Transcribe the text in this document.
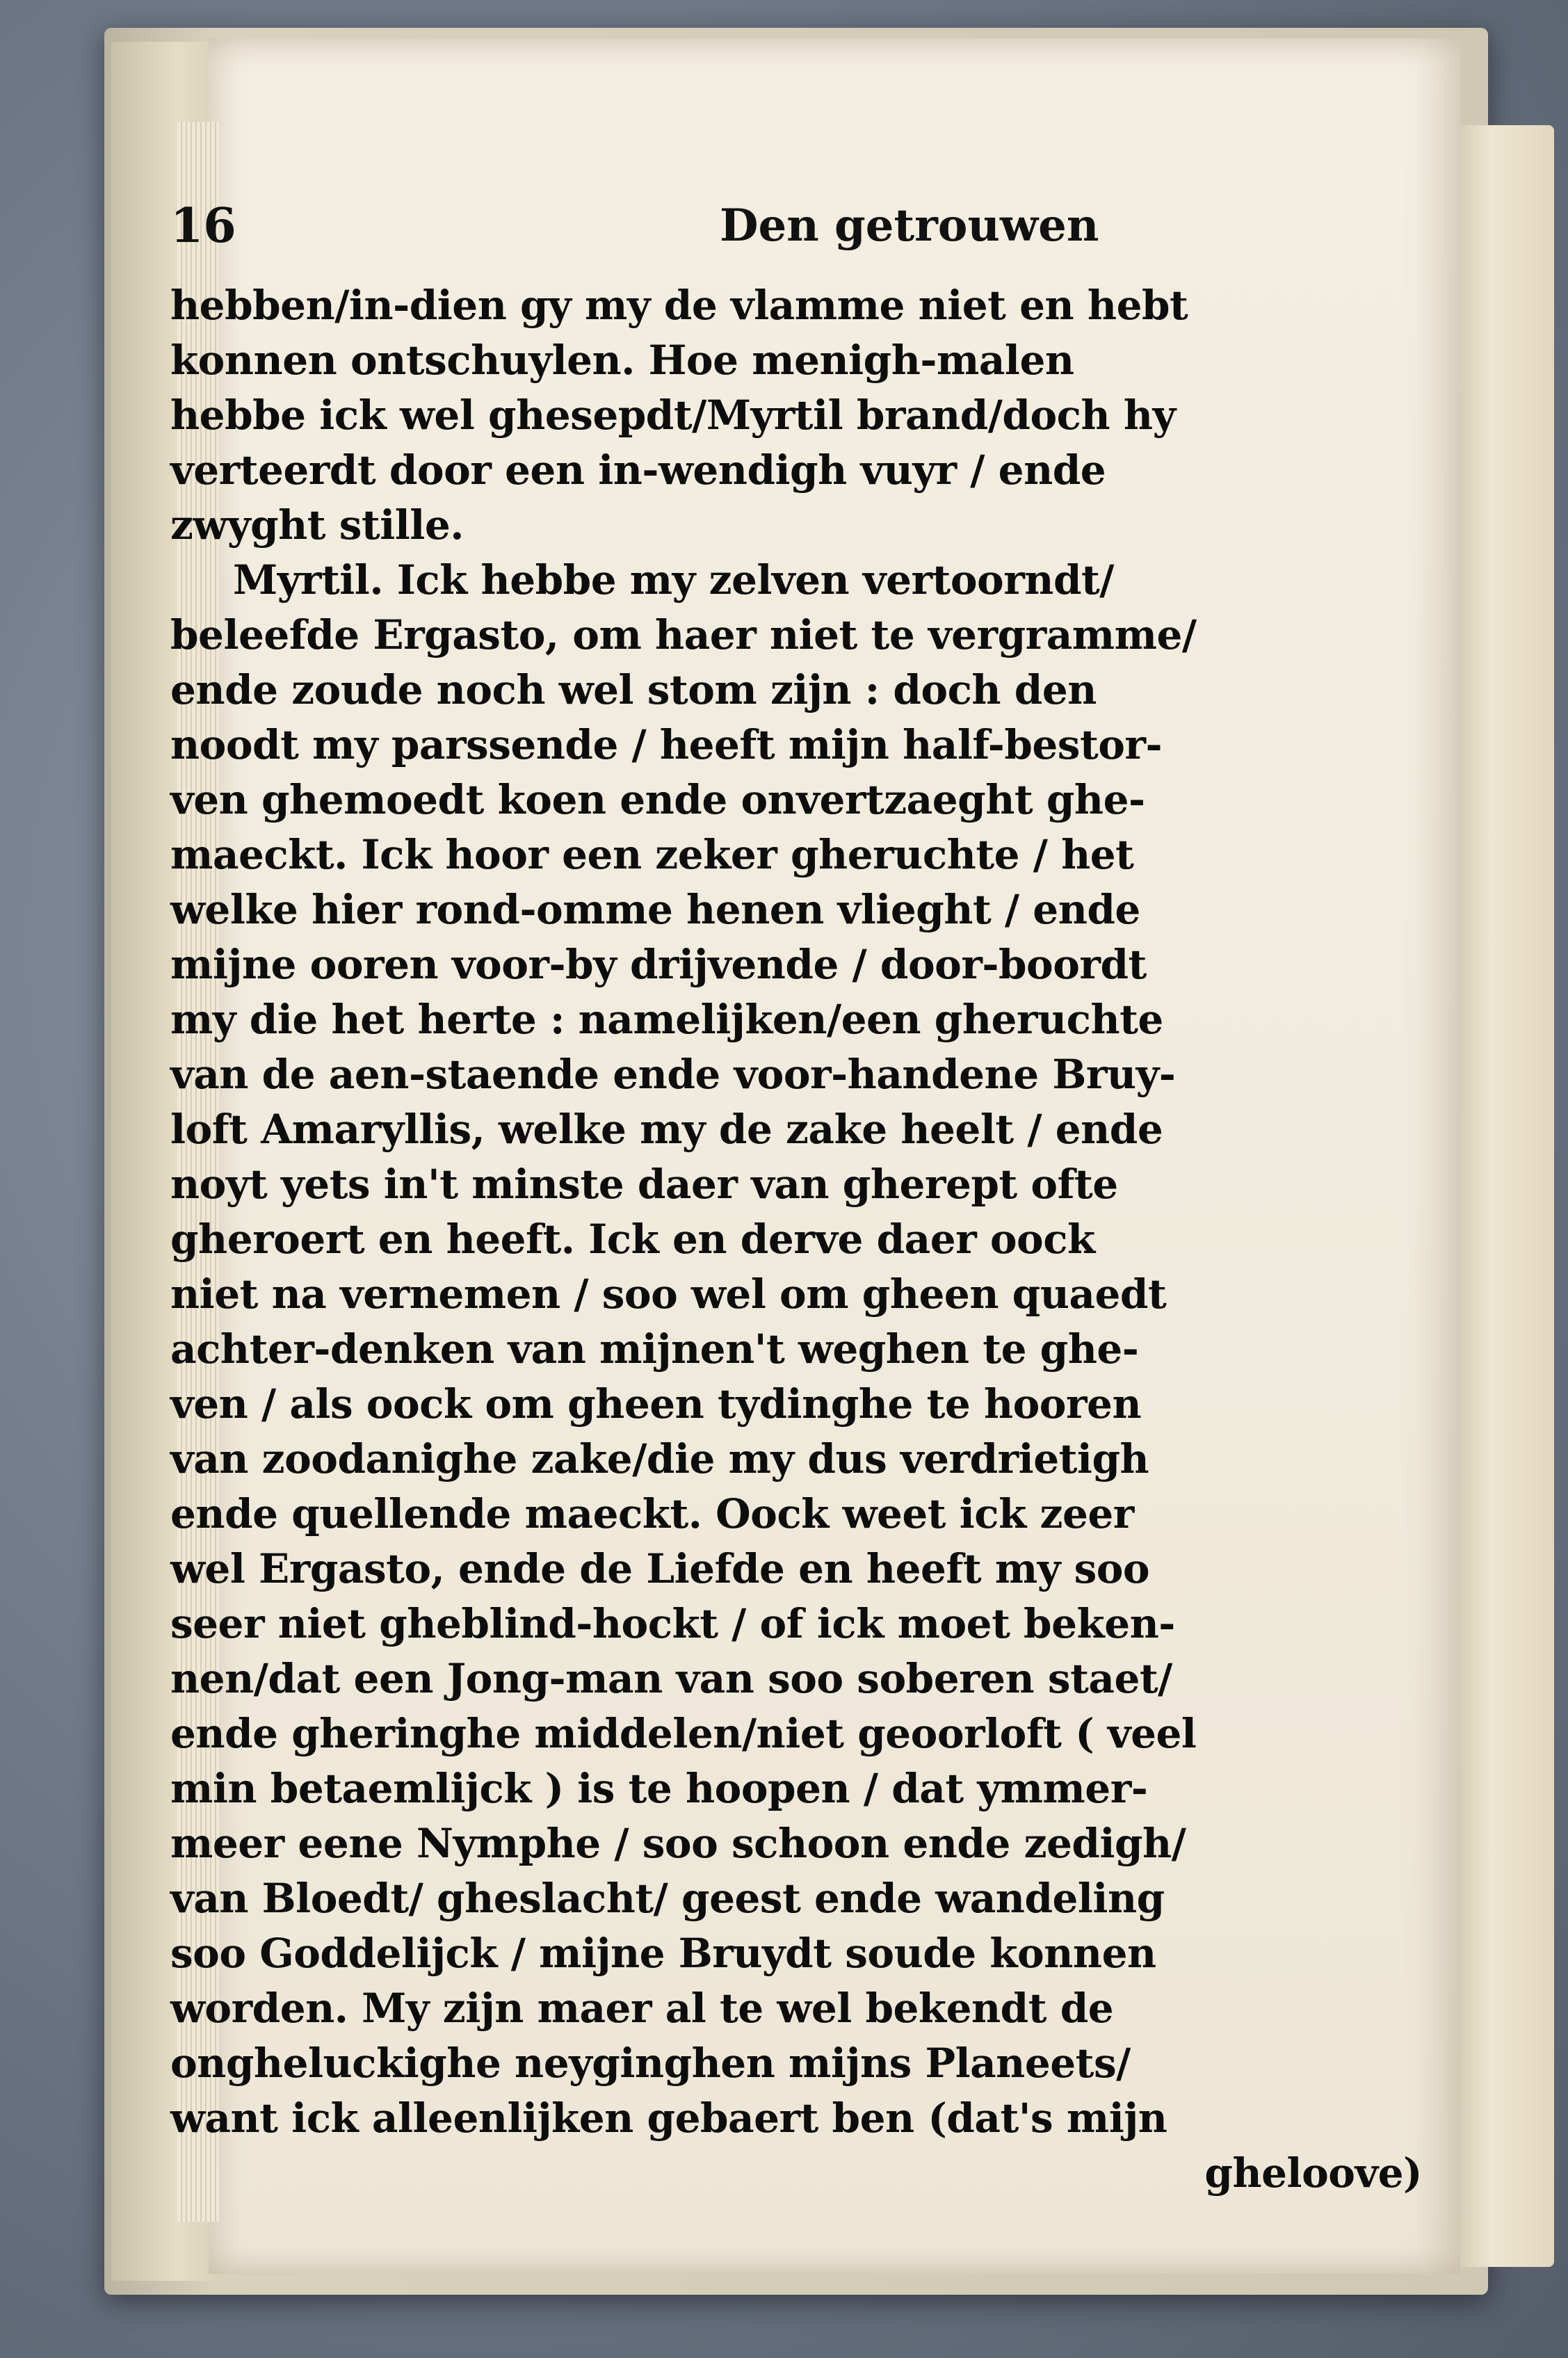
16	Den getrouwen
hebben/in-dien gy my de vlamme niet en hebt
konnen ontschuylen. Hoe menigh-malen
hebbe ick wel ghesepdt/Myrtil brand/doch hy
verteerdt door een in-wendigh vuyr / ende
zwyght stille.
Myrtil. Ick hebbe my zelven vertoorndt/
beleefde Ergasto, om haer niet te vergramme/
ende zoude noch wel stom zijn : doch den
noodt my parssende / heeft mijn half-bestor-
ven ghemoedt koen ende onvertzaeght ghe-
maeckt. Ick hoor een zeker gheruchte / het
welke hier rond-omme henen vlieght / ende
mijne ooren voor-by drijvende / door-boordt
my die het herte : namelijken/een gheruchte
van de aen-staende ende voor-handene Bruy-
loft Amaryllis, welke my de zake heelt / ende
noyt yets in't minste daer van gherept ofte
gheroert en heeft. Ick en derve daer oock
niet na vernemen / soo wel om gheen quaedt
achter-denken van mijnen't weghen te ghe-
ven / als oock om gheen tydinghe te hooren
van zoodanighe zake/die my dus verdrietigh
ende quellende maeckt. Oock weet ick zeer
wel Ergasto, ende de Liefde en heeft my soo
seer niet gheblind-hockt / of ick moet beken-
nen/dat een Jong-man van soo soberen staet/
ende gheringhe middelen/niet geoorloft ( veel
min betaemlijck ) is te hoopen / dat ymmer-
meer eene Nymphe / soo schoon ende zedigh/
van Bloedt/ gheslacht/ geest ende wandeling
soo Goddelijck / mijne Bruydt soude konnen
worden. My zijn maer al te wel bekendt de
ongheluckighe neyginghen mijns Planeets/
want ick alleenlijken gebaert ben (dat's mijn
gheloove)
